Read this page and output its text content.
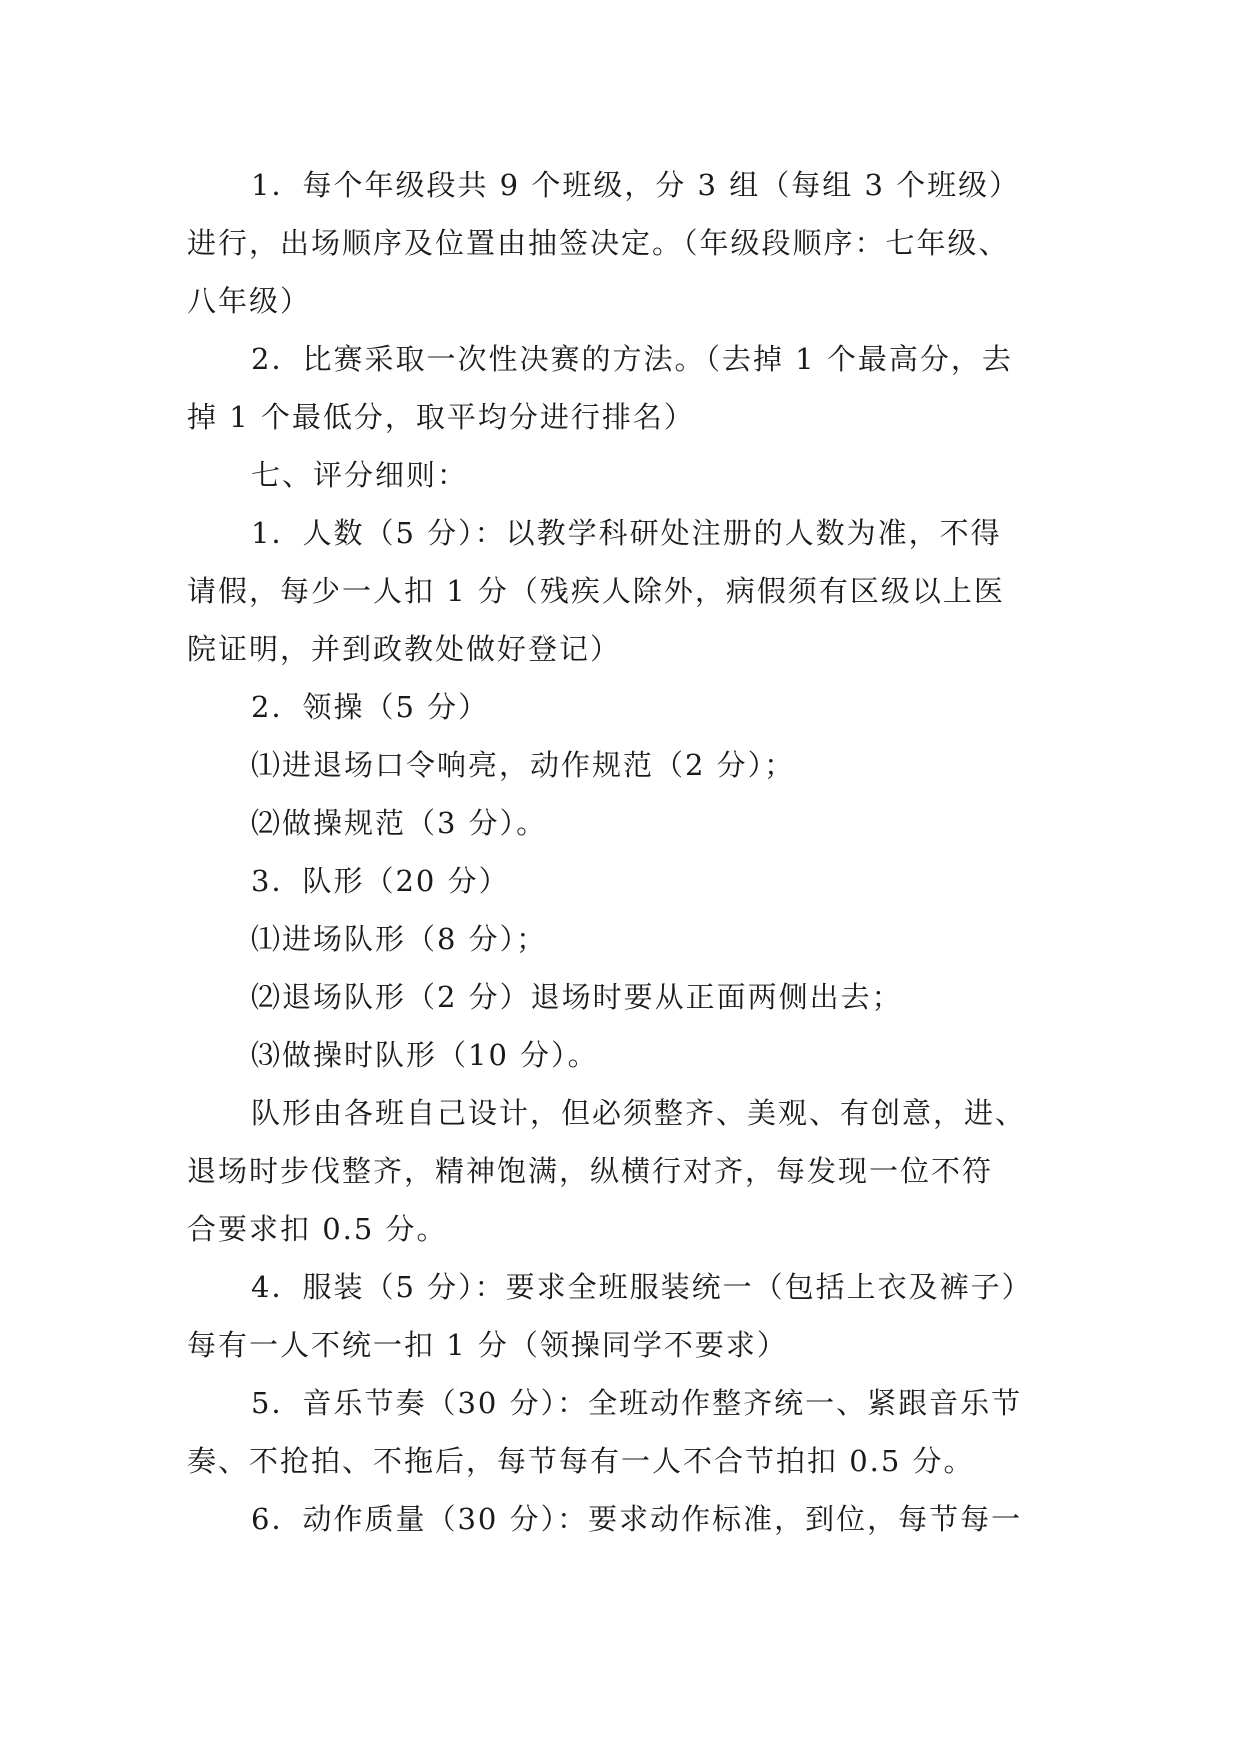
1．每个年级段共 9 个班级，分 3 组（每组 3 个班级）
进行，出场顺序及位置由抽签决定。（年级段顺序：七年级、
八年级）
2．比赛采取一次性决赛的方法。（去掉 1 个最高分，去
掉 1 个最低分，取平均分进行排名）
七、评分细则：
1．人数（5 分）：以教学科研处注册的人数为准，不得
请假，每少一人扣 1 分（残疾人除外，病假须有区级以上医
院证明，并到政教处做好登记）
2．领操（5 分）
⑴进退场口令响亮，动作规范（2 分）；
⑵做操规范（3 分）。
3．队形（20 分）
⑴进场队形（8 分）；
⑵退场队形（2 分）退场时要从正面两侧出去；
⑶做操时队形（10 分）。
队形由各班自己设计，但必须整齐、美观、有创意，进、
退场时步伐整齐，精神饱满，纵横行对齐，每发现一位不符
合要求扣 0.5 分。
4．服装（5 分）：要求全班服装统一（包括上衣及裤子）
每有一人不统一扣 1 分（领操同学不要求）
5．音乐节奏（30 分）：全班动作整齐统一、紧跟音乐节
奏、不抢拍、不拖后，每节每有一人不合节拍扣 0.5 分。
6．动作质量（30 分）：要求动作标准，到位，每节每一
